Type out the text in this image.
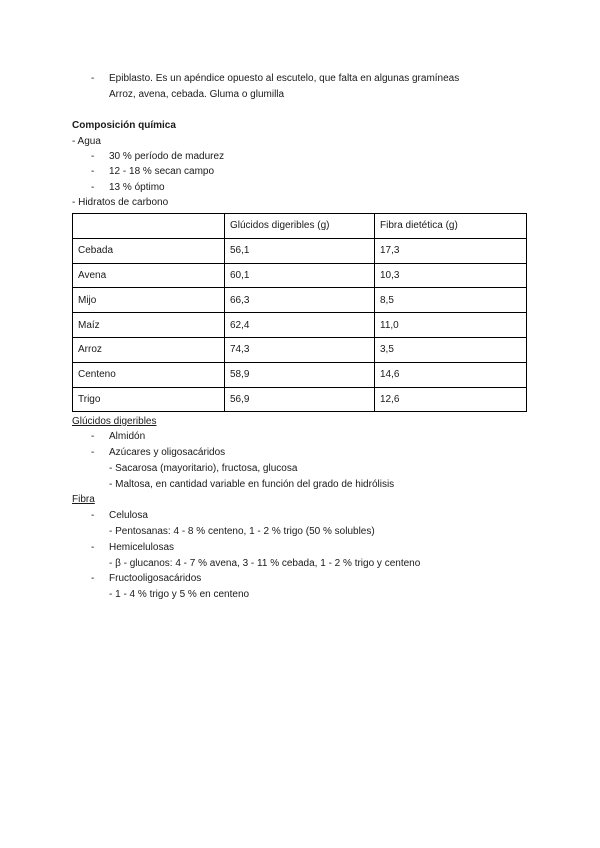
- Epiblasto. Es un apéndice opuesto al escutelo, que falta en algunas gramíneas
Arroz, avena, cebada. Gluma o glumilla
Composición química
- Agua
- 30 % período de madurez
- 12 - 18 % secan campo
- 13 % óptimo
- Hidratos de carbono
	Glúcidos digeribles (g)	Fibra dietética (g)
Cebada	56,1	17,3
Avena	60,1	10,3
Mijo	66,3	8,5
Maíz	62,4	11,0
Arroz	74,3	3,5
Centeno	58,9	14,6
Trigo	56,9	12,6
Glúcidos digeribles
- Almidón
- Azúcares y oligosacáridos
- Sacarosa (mayoritario), fructosa, glucosa
- Maltosa, en cantidad variable en función del grado de hidrólisis
Fibra
- Celulosa
- Pentosanas: 4 - 8 % centeno, 1 - 2 % trigo (50 % solubles)
- Hemicelulosas
- β - glucanos: 4 - 7 % avena, 3 - 11 % cebada, 1 - 2 % trigo y centeno
- Fructooligosacáridos
- 1 - 4 % trigo y 5 % en centeno
